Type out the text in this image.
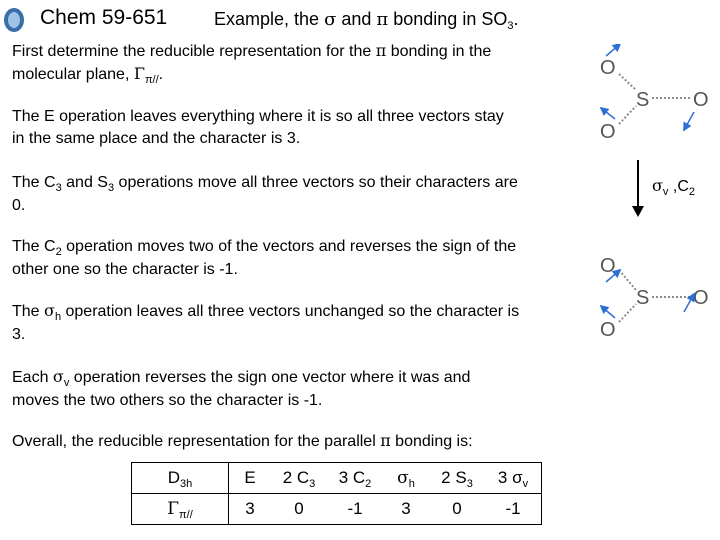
Chem 59-651	Example, the σ and π bonding in $SO_3$.
First determine the reducible representation for the π bonding in the
molecular plane, $\Gamma_{\pi//}$.
The E operation leaves everything where it is so all three vectors stay
in the same place and the character is 3.
The $C_3$ and $S_3$ operations move all three vectors so their characters are
0.
The $C_2$ operation moves two of the vectors and reverses the sign of the
other one so the character is -1.
The $\sigma_h$ operation leaves all three vectors unchanged so the character is
3.
Each $\sigma_v$ operation reverses the sign one vector where it was and
moves the two others so the character is -1.
Overall, the reducible representation for the parallel π bonding is:
O
S O
O
$\sigma_v$ $,C_2$
O
S O
O
$D_{3h}$	E	2 $C_3$	3 $C_2$	$\sigma_h$	2 $S_3$	3 $\sigma_v$
$\Gamma_{\pi//}$	3	0	-1	3	0	-1
